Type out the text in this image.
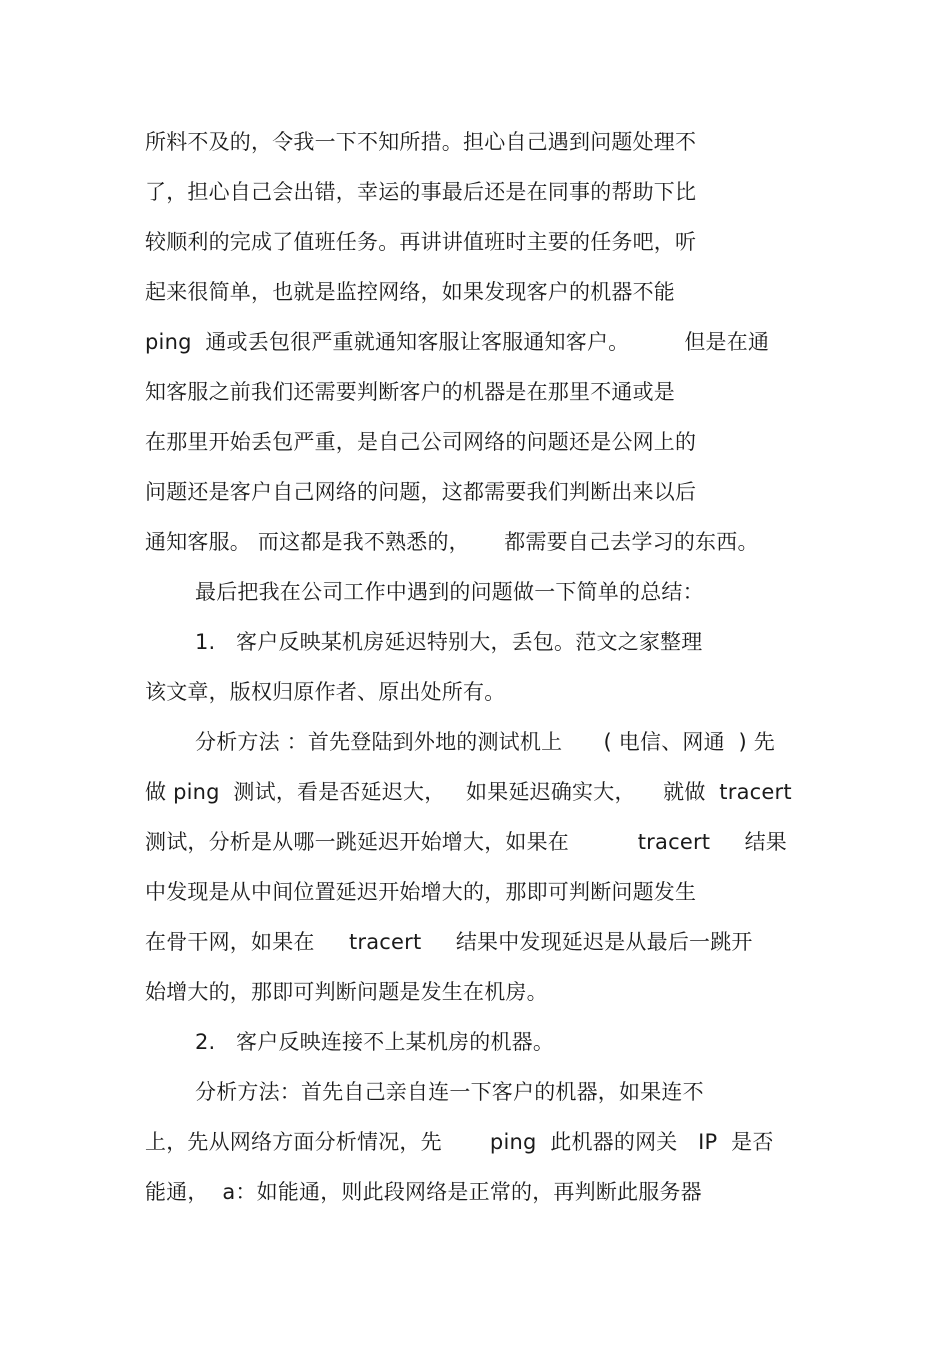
所料不及的，令我一下不知所措。担心自己遇到问题处理不
了，担心自己会出错，幸运的事最后还是在同事的帮助下比
较顺利的完成了值班任务。再讲讲值班时主要的任务吧，听
起来很简单，也就是监控网络，如果发现客户的机器不能
ping  通或丢包很严重就通知客服让客服通知客户。        但是在通
知客服之前我们还需要判断客户的机器是在那里不通或是
在那里开始丢包严重，是自己公司网络的问题还是公网上的
问题还是客户自己网络的问题，这都需要我们判断出来以后
通知客服。 而这都是我不熟悉的，     都需要自己去学习的东西。
最后把我在公司工作中遇到的问题做一下简单的总结：
1.   客户反映某机房延迟特别大，丢包。范文之家整理
该文章，版权归原作者、原出处所有。
分析方法 ：首先登陆到外地的测试机上      ( 电信、网通  ) 先
做 ping  测试，看是否延迟大，   如果延迟确实大，    就做  tracert
测试，分析是从哪一跳延迟开始增大，如果在          tracert     结果
中发现是从中间位置延迟开始增大的，那即可判断问题发生
在骨干网，如果在     tracert     结果中发现延迟是从最后一跳开
始增大的，那即可判断问题是发生在机房。
2.   客户反映连接不上某机房的机器。
分析方法：首先自己亲自连一下客户的机器，如果连不
上，先从网络方面分析情况，先       ping  此机器的网关   IP  是否
能通，  a：如能通，则此段网络是正常的，再判断此服务器
